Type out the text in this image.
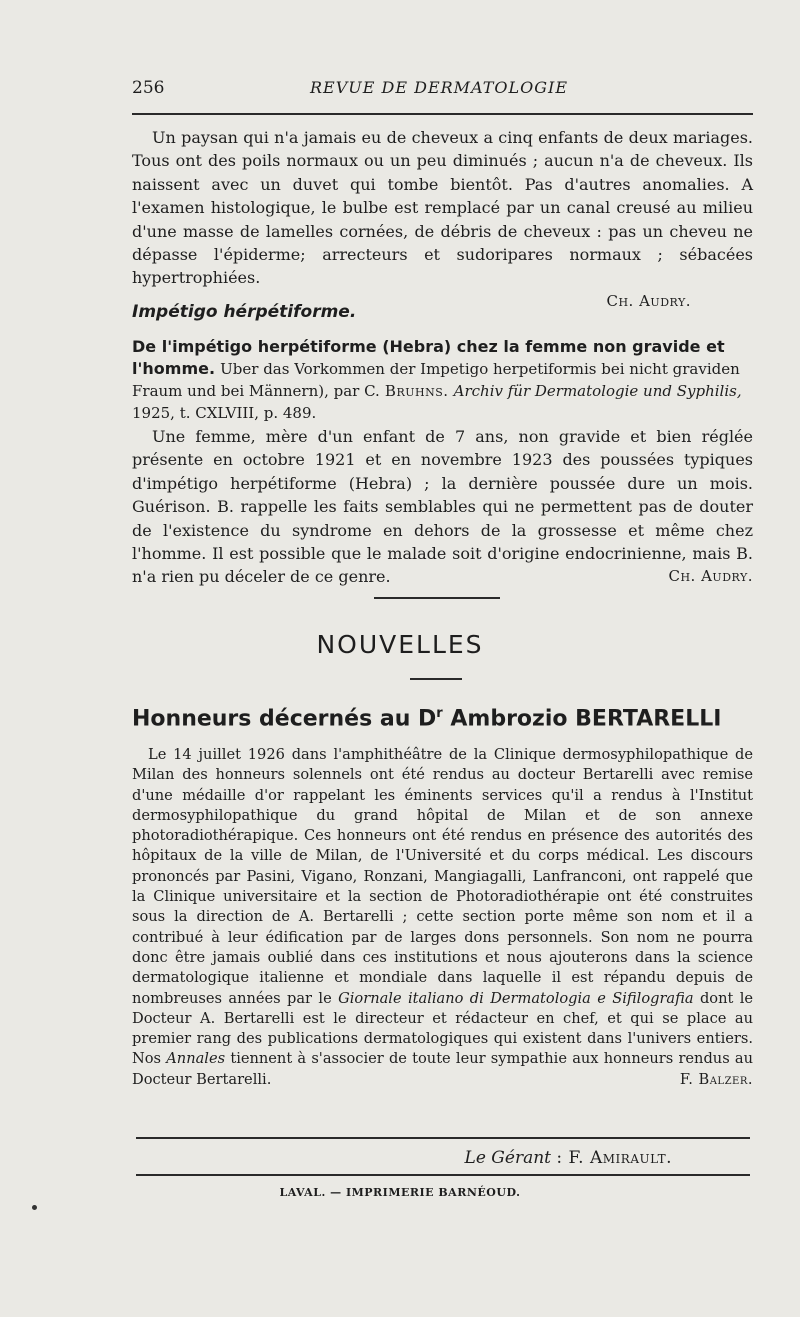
256	REVUE DE DERMATOLOGIE

Un paysan qui n'a jamais eu de cheveux a cinq enfants de deux mariages. Tous ont des poils normaux ou un peu diminués ; aucun n'a de cheveux. Ils naissent avec un duvet qui tombe bientôt. Pas d'autres anomalies. A l'examen histologique, le bulbe est remplacé par un canal creusé au milieu d'une masse de lamelles cornées, de débris de cheveux : pas un cheveu ne dépasse l'épiderme; arrecteurs et sudoripares normaux ; sébacées hypertrophiées.

Ch. Audry.
Impétigo hérpétiforme.

De l'impétigo herpétiforme (Hebra) chez la femme non gravide et l'homme. Uber das Vorkommen der Impetigo herpetiformis bei nicht graviden Fraum und bei Männern), par C. Bruhns. Archiv für Dermatologie und Syphilis, 1925, t. CXLVIII, p. 489.

Une femme, mère d'un enfant de 7 ans, non gravide et bien réglée présente en octobre 1921 et en novembre 1923 des poussées typiques d'impétigo herpétiforme (Hebra) ; la dernière poussée dure un mois. Guérison. B. rappelle les faits semblables qui ne permettent pas de douter de l'existence du syndrome en dehors de la grossesse et même chez l'homme. Il est possible que le malade soit d'origine endocrinienne, mais B. n'a rien pu déceler de ce genre.	Ch. Audry.

NOUVELLES
Honneurs décernés au $D^r$ Ambrozio BERTARELLI

Le 14 juillet 1926 dans l'amphithéâtre de la Clinique dermosyphilopathique de Milan des honneurs solennels ont été rendus au docteur Bertarelli avec remise d'une médaille d'or rappelant les éminents services qu'il a rendus à l'Institut dermosyphilopathique du grand hôpital de Milan et de son annexe photoradiothérapique. Ces honneurs ont été rendus en présence des autorités des hôpitaux de la ville de Milan, de l'Université et du corps médical. Les discours prononcés par Pasini, Vigano, Ronzani, Mangiagalli, Lanfranconi, ont rappelé que la Clinique universitaire et la section de Photoradiothérapie ont été construites sous la direction de A. Bertarelli ; cette section porte même son nom et il a contribué à leur édification par de larges dons personnels. Son nom ne pourra donc être jamais oublié dans ces institutions et nous ajouterons dans la science dermatologique italienne et mondiale dans laquelle il est répandu depuis de nombreuses années par le Giornale italiano di Dermatologia e Sifilografia dont le Docteur A. Bertarelli est le directeur et rédacteur en chef, et qui se place au premier rang des publications dermatologiques qui existent dans l'univers entiers. Nos Annales tiennent à s'associer de toute leur sympathie aux honneurs rendus au Docteur Bertarelli.	F. Balzer.

Le Gérant : F. Amirault.
LAVAL. — IMPRIMERIE BARNÉOUD.
